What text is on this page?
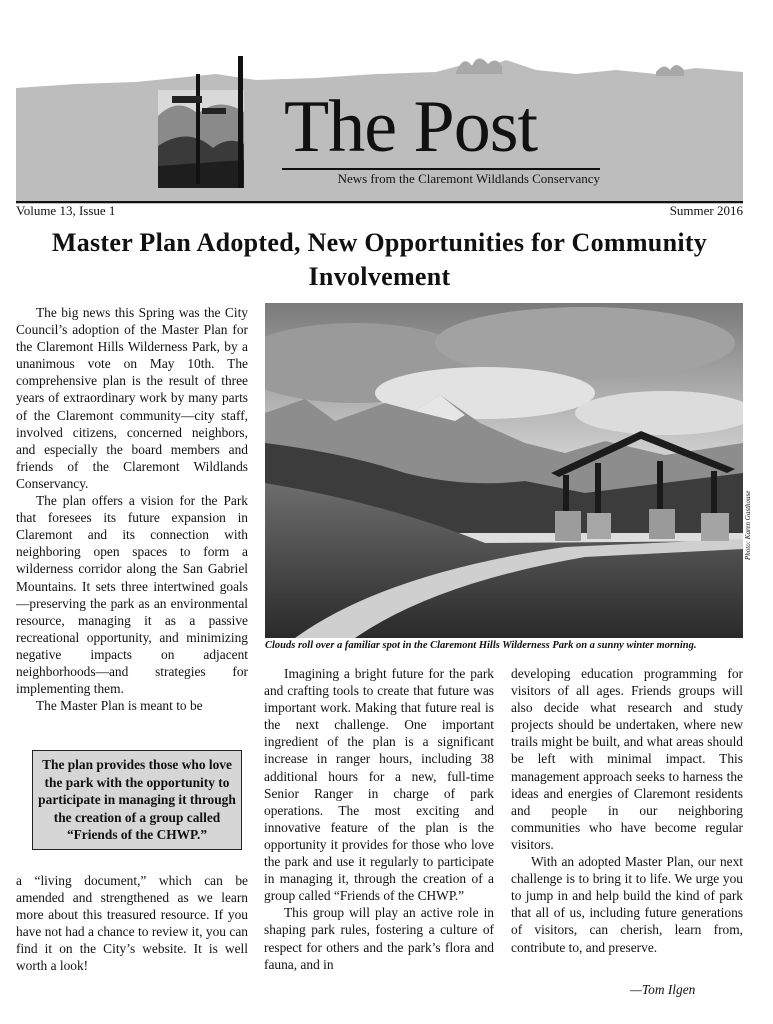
The Post
News from the Claremont Wildlands Conservancy
Volume 13, Issue 1	Summer 2016
Master Plan Adopted, New Opportunities for Community Involvement

The big news this Spring was the City Council’s adoption of the Master Plan for the Claremont Hills Wilderness Park, by a unanimous vote on May 10th. The comprehensive plan is the result of three years of extraordinary work by many parts of the Claremont community—city staff, involved citizens, concerned neighbors, and especially the board members and friends of the Claremont Wildlands Conservancy.

The plan offers a vision for the Park that foresees its future expansion in Claremont and its connection with neighboring open spaces to form a wilderness corridor along the San Gabriel Mountains. It sets three intertwined goals—preserving the park as an environmental resource, managing it as a passive recreational opportunity, and minimizing negative impacts on adjacent neighborhoods—and strategies for implementing them.

The Master Plan is meant to be

The plan provides those who love the park with the opportunity to participate in managing it through the creation of a group called “Friends of the CHWP.”

a “living document,” which can be amended and strengthened as we learn more about this treasured resource. If you have not had a chance to review it, you can find it on the City’s website. It is well worth a look!

Photo: Karen Gasthouse
Clouds roll over a familiar spot in the Claremont Hills Wilderness Park on a sunny winter morning.

Imagining a bright future for the park and crafting tools to create that future was important work. Making that future real is the next challenge. One important ingredient of the plan is a significant increase in ranger hours, including 38 additional hours for a new, full-time Senior Ranger in charge of park operations. The most exciting and innovative feature of the plan is the opportunity it provides for those who love the park and use it regularly to participate in managing it, through the creation of a group called “Friends of the CHWP.”

This group will play an active role in shaping park rules, fostering a culture of respect for others and the park’s flora and fauna, and in

developing education programming for visitors of all ages. Friends groups will also decide what research and study projects should be undertaken, where new trails might be built, and what areas should be left with minimal impact. This management approach seeks to harness the ideas and energies of Claremont residents and people in our neighboring communities who have become regular visitors.

With an adopted Master Plan, our next challenge is to bring it to life. We urge you to jump in and help build the kind of park that all of us, including future generations of visitors, can cherish, learn from, contribute to, and preserve.

—Tom Ilgen
